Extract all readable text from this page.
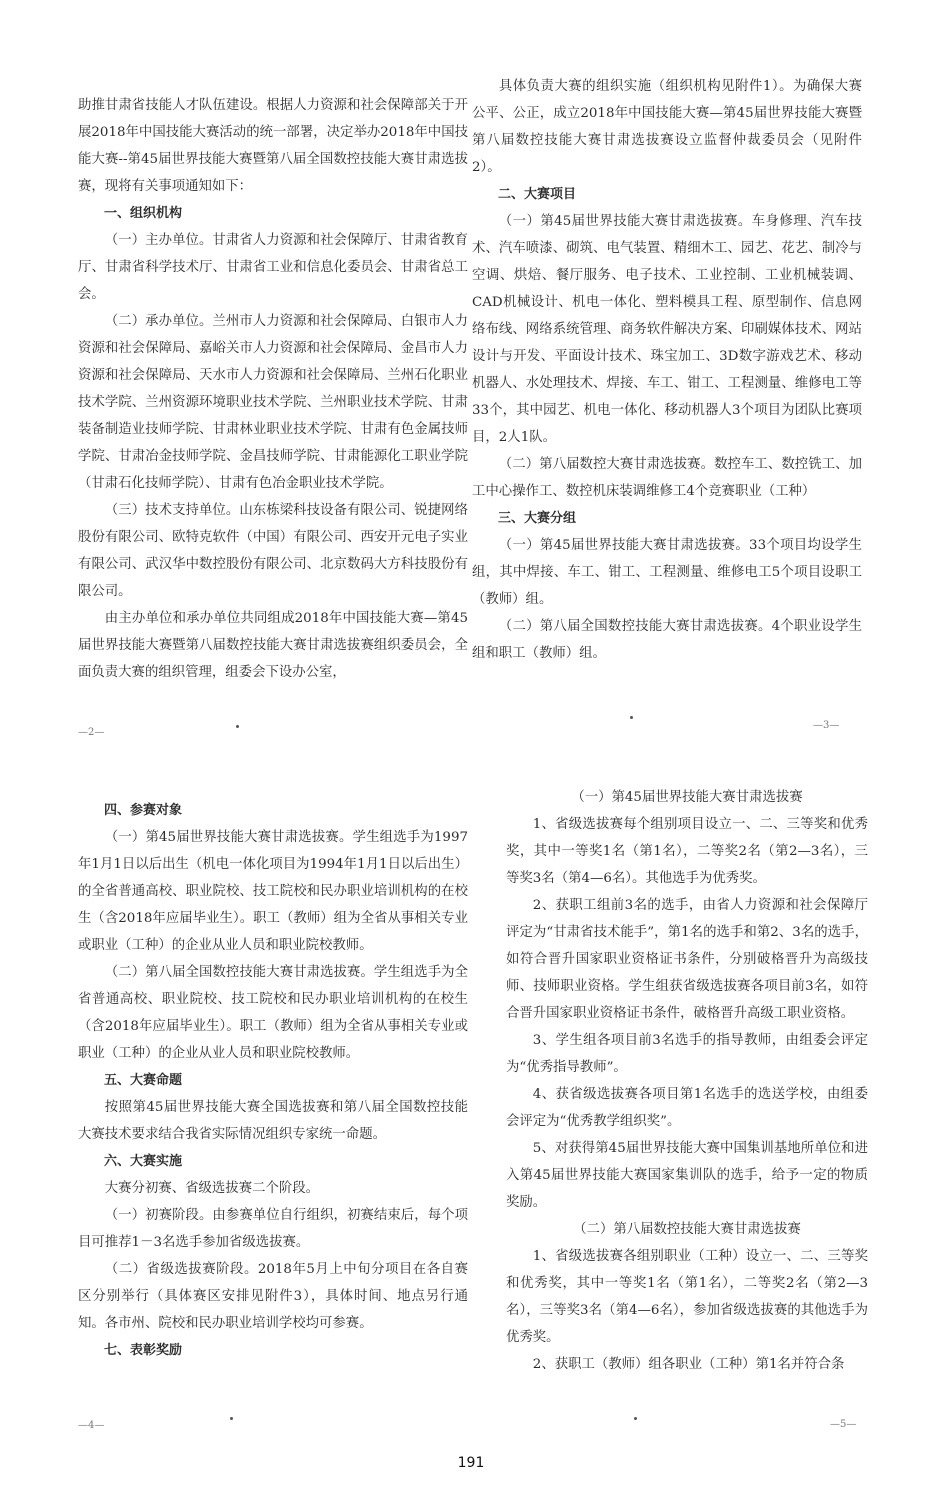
助推甘肃省技能人才队伍建设。根据人力资源和社会保障部关于开展2018年中国技能大赛活动的统一部署，决定举办2018年中国技能大赛--第45届世界技能大赛暨第八届全国数控技能大赛甘肃选拔赛，现将有关事项通知如下：

一、组织机构

（一）主办单位。甘肃省人力资源和社会保障厅、甘肃省教育厅、甘肃省科学技术厅、甘肃省工业和信息化委员会、甘肃省总工会。

（二）承办单位。兰州市人力资源和社会保障局、白银市人力资源和社会保障局、嘉峪关市人力资源和社会保障局、金昌市人力资源和社会保障局、天水市人力资源和社会保障局、兰州石化职业技术学院、兰州资源环境职业技术学院、兰州职业技术学院、甘肃装备制造业技师学院、甘肃林业职业技术学院、甘肃有色金属技师学院、甘肃冶金技师学院、金昌技师学院、甘肃能源化工职业学院（甘肃石化技师学院）、甘肃有色冶金职业技术学院。

（三）技术支持单位。山东栋梁科技设备有限公司、锐捷网络股份有限公司、欧特克软件（中国）有限公司、西安开元电子实业有限公司、武汉华中数控股份有限公司、北京数码大方科技股份有限公司。

由主办单位和承办单位共同组成2018年中国技能大赛—第45届世界技能大赛暨第八届数控技能大赛甘肃选拔赛组织委员会，全面负责大赛的组织管理，组委会下设办公室，

—2—

具体负责大赛的组织实施（组织机构见附件1）。为确保大赛公平、公正，成立2018年中国技能大赛—第45届世界技能大赛暨第八届数控技能大赛甘肃选拔赛设立监督仲裁委员会（见附件2）。

二、大赛项目

（一）第45届世界技能大赛甘肃选拔赛。车身修理、汽车技术、汽车喷漆、砌筑、电气装置、精细木工、园艺、花艺、制冷与空调、烘焙、餐厅服务、电子技术、工业控制、工业机械装调、CAD机械设计、机电一体化、塑料模具工程、原型制作、信息网络布线、网络系统管理、商务软件解决方案、印刷媒体技术、网站设计与开发、平面设计技术、珠宝加工、3D数字游戏艺术、移动机器人、水处理技术、焊接、车工、钳工、工程测量、维修电工等33个，其中园艺、机电一体化、移动机器人3个项目为团队比赛项目，2人1队。

（二）第八届数控大赛甘肃选拔赛。数控车工、数控铣工、加工中心操作工、数控机床装调维修工4个竞赛职业（工种）

三、大赛分组

（一）第45届世界技能大赛甘肃选拔赛。33个项目均设学生组，其中焊接、车工、钳工、工程测量、维修电工5个项目设职工（教师）组。

（二）第八届全国数控技能大赛甘肃选拔赛。4个职业设学生组和职工（教师）组。

—3—

四、参赛对象

（一）第45届世界技能大赛甘肃选拔赛。学生组选手为1997年1月1日以后出生（机电一体化项目为1994年1月1日以后出生）的全省普通高校、职业院校、技工院校和民办职业培训机构的在校生（含2018年应届毕业生）。职工（教师）组为全省从事相关专业或职业（工种）的企业从业人员和职业院校教师。

（二）第八届全国数控技能大赛甘肃选拔赛。学生组选手为全省普通高校、职业院校、技工院校和民办职业培训机构的在校生（含2018年应届毕业生）。职工（教师）组为全省从事相关专业或职业（工种）的企业从业人员和职业院校教师。

五、大赛命题

按照第45届世界技能大赛全国选拔赛和第八届全国数控技能大赛技术要求结合我省实际情况组织专家统一命题。

六、大赛实施

大赛分初赛、省级选拔赛二个阶段。

（一）初赛阶段。由参赛单位自行组织，初赛结束后，每个项目可推荐1－3名选手参加省级选拔赛。

（二）省级选拔赛阶段。2018年5月上中旬分项目在各自赛区分别举行（具体赛区安排见附件3），具体时间、地点另行通知。各市州、院校和民办职业培训学校均可参赛。

七、表彰奖励

—4—

（一）第45届世界技能大赛甘肃选拔赛

1、省级选拔赛每个组别项目设立一、二、三等奖和优秀奖，其中一等奖1名（第1名），二等奖2名（第2—3名），三等奖3名（第4—6名）。其他选手为优秀奖。

2、获职工组前3名的选手，由省人力资源和社会保障厅评定为“甘肃省技术能手”，第1名的选手和第2、3名的选手，如符合晋升国家职业资格证书条件，分别破格晋升为高级技师、技师职业资格。学生组获省级选拔赛各项目前3名，如符合晋升国家职业资格证书条件，破格晋升高级工职业资格。

3、学生组各项目前3名选手的指导教师，由组委会评定为“优秀指导教师”。

4、获省级选拔赛各项目第1名选手的选送学校，由组委会评定为“优秀教学组织奖”。

5、对获得第45届世界技能大赛中国集训基地所单位和进入第45届世界技能大赛国家集训队的选手，给予一定的物质奖励。

（二）第八届数控技能大赛甘肃选拔赛

1、省级选拔赛各组别职业（工种）设立一、二、三等奖和优秀奖，其中一等奖1名（第1名），二等奖2名（第2—3名），三等奖3名（第4—6名），参加省级选拔赛的其他选手为优秀奖。

2、获职工（教师）组各职业（工种）第1名并符合条

—5—
191
